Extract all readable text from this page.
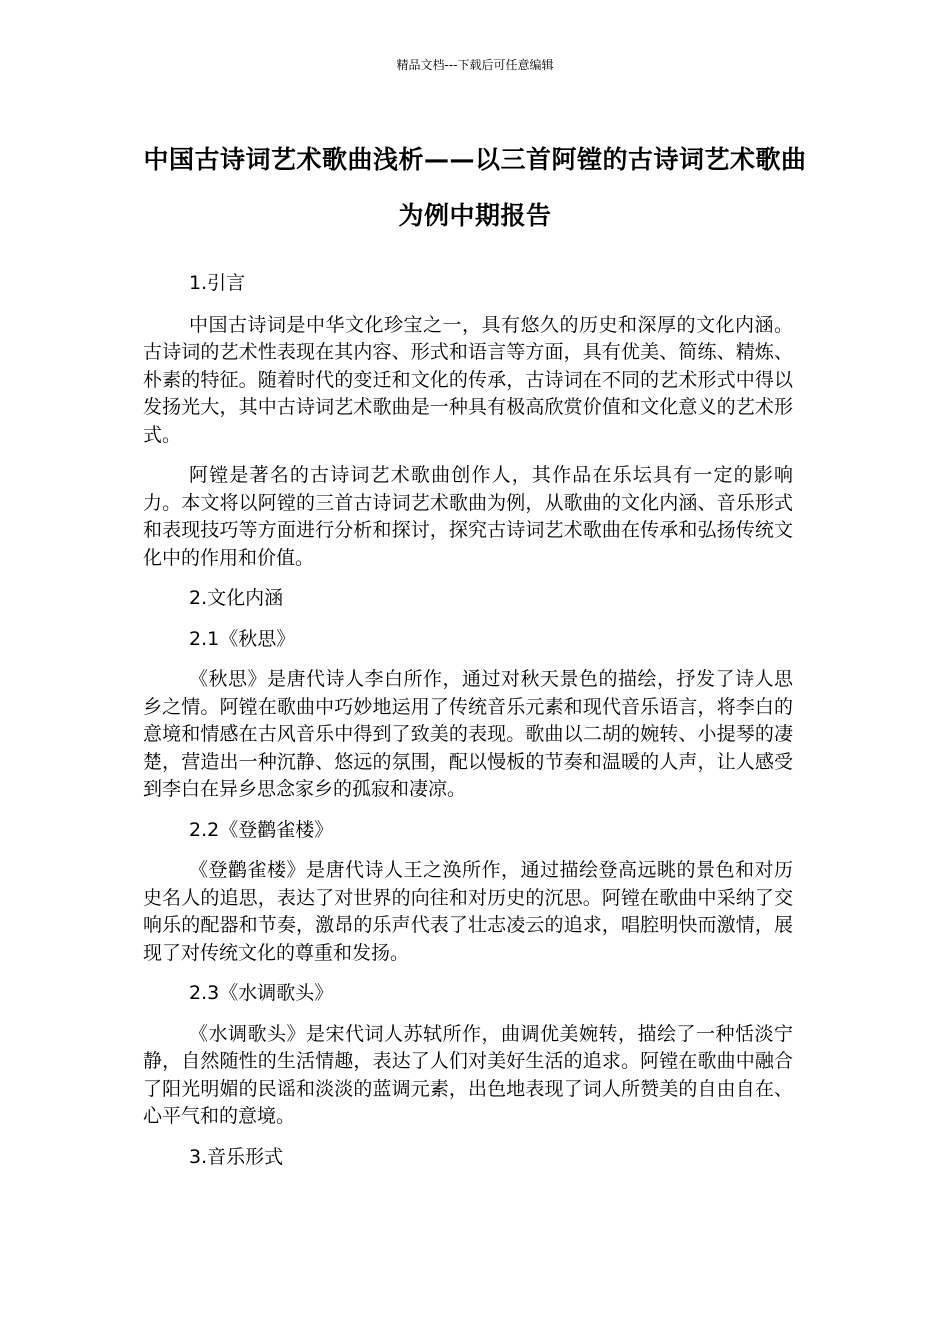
精品文档---下载后可任意编辑
中国古诗词艺术歌曲浅析——以三首阿镗的古诗词艺术歌曲为例中期报告

1.引言

中国古诗词是中华文化珍宝之一，具有悠久的历史和深厚的文化内涵。古诗词的艺术性表现在其内容、形式和语言等方面，具有优美、简练、精炼、朴素的特征。随着时代的变迁和文化的传承，古诗词在不同的艺术形式中得以发扬光大，其中古诗词艺术歌曲是一种具有极高欣赏价值和文化意义的艺术形式。

阿镗是著名的古诗词艺术歌曲创作人，其作品在乐坛具有一定的影响力。本文将以阿镗的三首古诗词艺术歌曲为例，从歌曲的文化内涵、音乐形式和表现技巧等方面进行分析和探讨，探究古诗词艺术歌曲在传承和弘扬传统文化中的作用和价值。

2.文化内涵

2.1《秋思》

《秋思》是唐代诗人李白所作，通过对秋天景色的描绘，抒发了诗人思乡之情。阿镗在歌曲中巧妙地运用了传统音乐元素和现代音乐语言，将李白的意境和情感在古风音乐中得到了致美的表现。歌曲以二胡的婉转、小提琴的凄楚，营造出一种沉静、悠远的氛围，配以慢板的节奏和温暖的人声，让人感受到李白在异乡思念家乡的孤寂和凄凉。

2.2《登鹳雀楼》

《登鹳雀楼》是唐代诗人王之涣所作，通过描绘登高远眺的景色和对历史名人的追思，表达了对世界的向往和对历史的沉思。阿镗在歌曲中采纳了交响乐的配器和节奏，激昂的乐声代表了壮志凌云的追求，唱腔明快而激情，展现了对传统文化的尊重和发扬。

2.3《水调歌头》

《水调歌头》是宋代词人苏轼所作，曲调优美婉转，描绘了一种恬淡宁静，自然随性的生活情趣，表达了人们对美好生活的追求。阿镗在歌曲中融合了阳光明媚的民谣和淡淡的蓝调元素，出色地表现了词人所赞美的自由自在、心平气和的意境。

3.音乐形式
